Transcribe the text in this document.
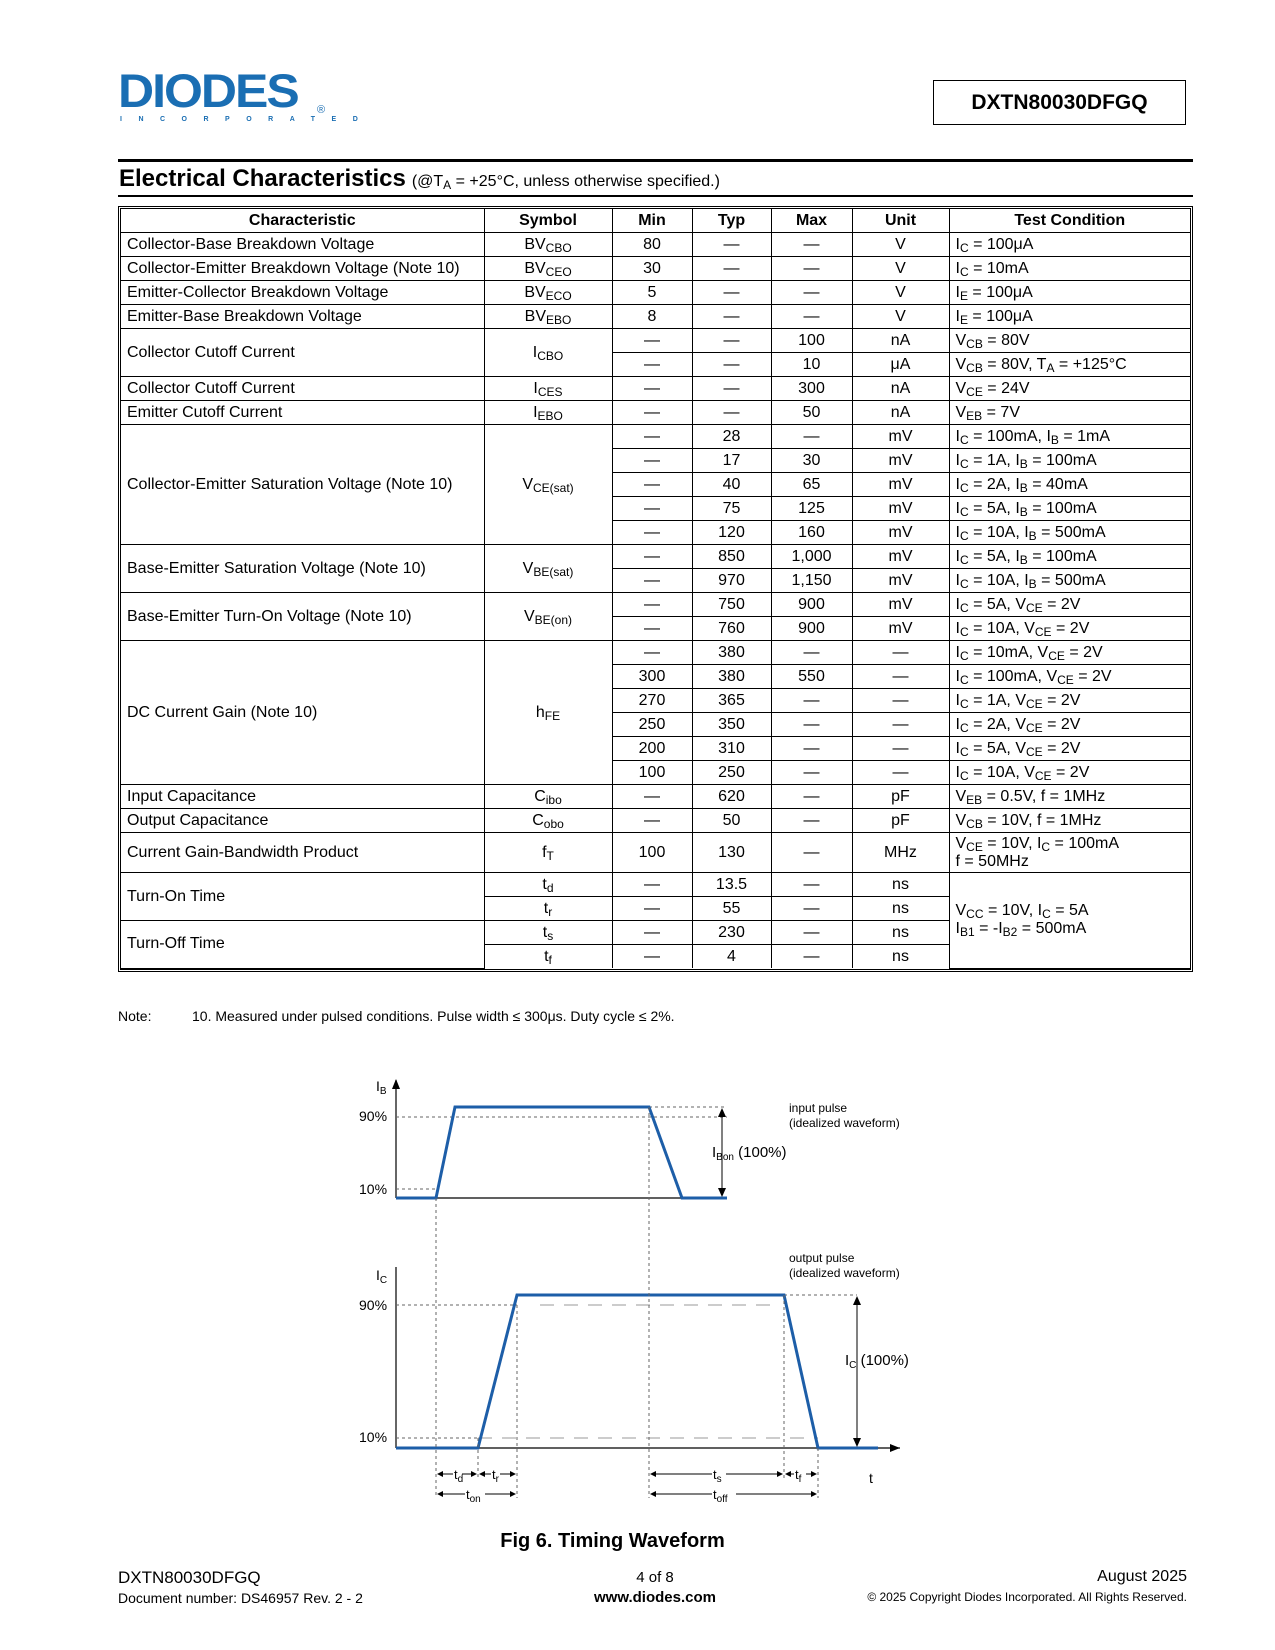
DIODES ®
INCORPORATED
DXTN80030DFGQ
Electrical Characteristics ($@T_A = +25^\circ C$, unless otherwise specified.)
Characteristic	Symbol	Min	Typ	Max	Unit	Test Condition
Collector-Base Breakdown Voltage	$BV_{CBO}$	80	—	—	V	$I_C = 100\mu A$
Collector-Emitter Breakdown Voltage (Note 10)	$BV_{CEO}$	30	—	—	V	$I_C = 10mA$
Emitter-Collector Breakdown Voltage	$BV_{ECO}$	5	—	—	V	$I_E = 100\mu A$
Emitter-Base Breakdown Voltage	$BV_{EBO}$	8	—	—	V	$I_E = 100\mu A$
Collector Cutoff Current	$I_{CBO}$	—	—	100	nA	$V_{CB} = 80V$
		—	—	10	μA	$V_{CB} = 80V$, $T_A = +125^\circ C$
Collector Cutoff Current	$I_{CES}$	—	—	300	nA	$V_{CE} = 24V$
Emitter Cutoff Current	$I_{EBO}$	—	—	50	nA	$V_{EB} = 7V$
Collector-Emitter Saturation Voltage (Note 10)	$V_{CE(sat)}$	—	28	—	mV	$I_C = 100mA$, $I_B = 1mA$
		—	17	30	mV	$I_C = 1A$, $I_B = 100mA$
		—	40	65	mV	$I_C = 2A$, $I_B = 40mA$
		—	75	125	mV	$I_C = 5A$, $I_B = 100mA$
		—	120	160	mV	$I_C = 10A$, $I_B = 500mA$
Base-Emitter Saturation Voltage (Note 10)	$V_{BE(sat)}$	—	850	1,000	mV	$I_C = 5A$, $I_B = 100mA$
		—	970	1,150	mV	$I_C = 10A$, $I_B = 500mA$
Base-Emitter Turn-On Voltage (Note 10)	$V_{BE(on)}$	—	750	900	mV	$I_C = 5A$, $V_{CE} = 2V$
		—	760	900	mV	$I_C = 10A$, $V_{CE} = 2V$
DC Current Gain (Note 10)	$h_{FE}$	—	380	—	—	$I_C = 10mA$, $V_{CE} = 2V$
		300	380	550	—	$I_C = 100mA$, $V_{CE} = 2V$
		270	365	—	—	$I_C = 1A$, $V_{CE} = 2V$
		250	350	—	—	$I_C = 2A$, $V_{CE} = 2V$
		200	310	—	—	$I_C = 5A$, $V_{CE} = 2V$
		100	250	—	—	$I_C = 10A$, $V_{CE} = 2V$
Input Capacitance	$C_{ibo}$	—	620	—	pF	$V_{EB} = 0.5V$, f = 1MHz
Output Capacitance	$C_{obo}$	—	50	—	pF	$V_{CB} = 10V$, f = 1MHz
Current Gain-Bandwidth Product	$f_T$	100	130	—	MHz	$V_{CE} = 10V$, $I_C = 100mA$
f = 50MHz
Turn-On Time	$t_d$	—	13.5	—	ns	$V_{CC} = 10V$, $I_C = 5A$
$I_{B1} = -I_{B2} = 500mA$
	$t_r$	—	55	—	ns	
Turn-Off Time	$t_s$	—	230	—	ns	
	$t_f$	—	4	—	ns	
Note:	10. Measured under pulsed conditions. Pulse width ≤ 300μs. Duty cycle ≤ 2%.
$I_B$
90%
10%
$I_{Bon}$ (100%)
input pulse
(idealized waveform)
$I_C$
t
90%
10%
$I_C$ (100%)
output pulse
(idealized waveform)
$t_d$ $t_r$
$t_{on}$
$t_s$	$t_f$
$t_{off}$
Fig 6. Timing Waveform
DXTN80030DFGQ
Document number: DS46957 Rev. 2 - 2
4 of 8
www.diodes.com
August 2025
© 2025 Copyright Diodes Incorporated. All Rights Reserved.
